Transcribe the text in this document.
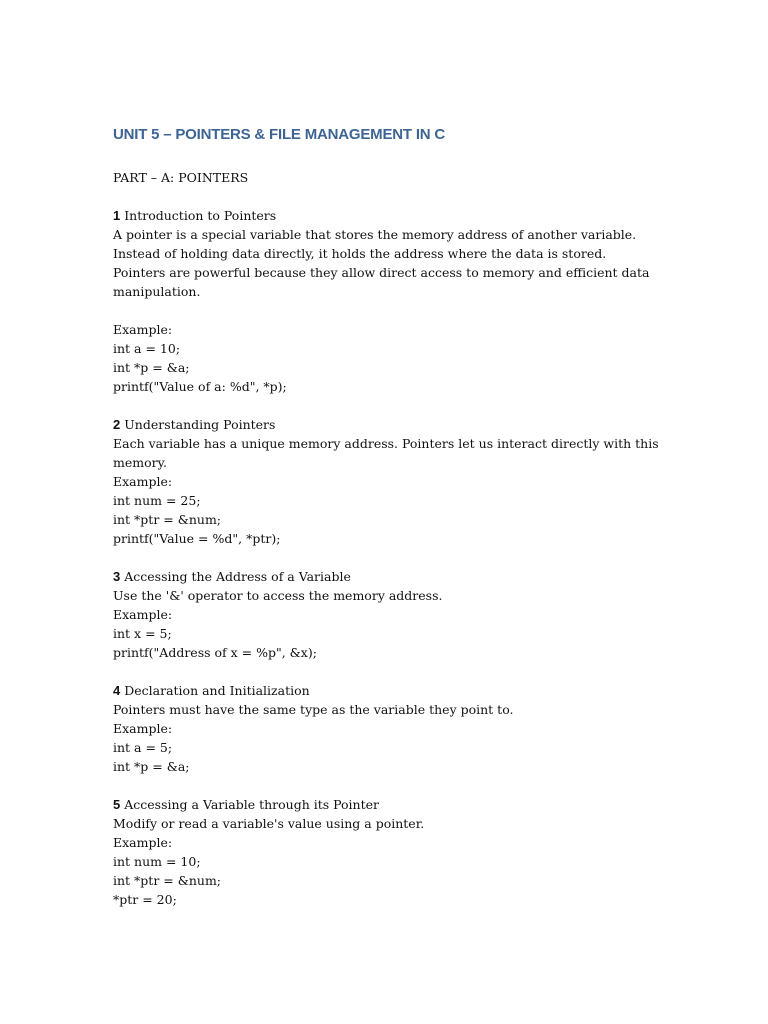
UNIT 5 – POINTERS & FILE MANAGEMENT IN C
PART – A: POINTERS
1 Introduction to Pointers
A pointer is a special variable that stores the memory address of another variable.
Instead of holding data directly, it holds the address where the data is stored.
Pointers are powerful because they allow direct access to memory and efficient data
manipulation.
Example:
int a = 10;
int *p = &a;
printf("Value of a: %d", *p);
2 Understanding Pointers
Each variable has a unique memory address. Pointers let us interact directly with this
memory.
Example:
int num = 25;
int *ptr = &num;
printf("Value = %d", *ptr);
3 Accessing the Address of a Variable
Use the '&' operator to access the memory address.
Example:
int x = 5;
printf("Address of x = %p", &x);
4 Declaration and Initialization
Pointers must have the same type as the variable they point to.
Example:
int a = 5;
int *p = &a;
5 Accessing a Variable through its Pointer
Modify or read a variable's value using a pointer.
Example:
int num = 10;
int *ptr = &num;
*ptr = 20;
